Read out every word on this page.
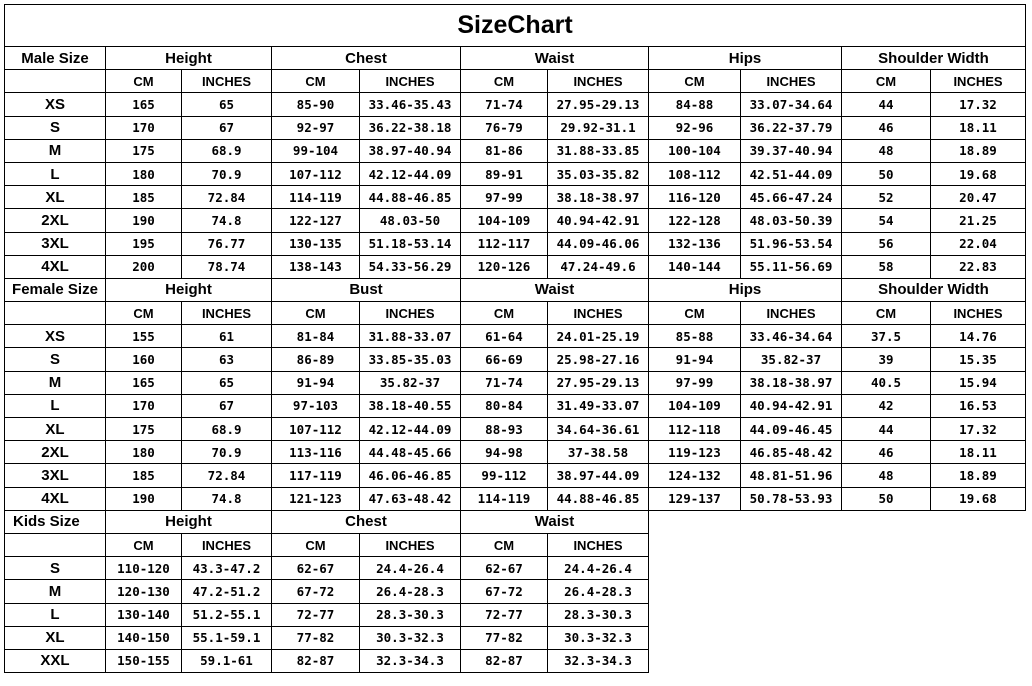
SizeChart										
Male Size	Height		Chest		Waist		Hips		Shoulder Width	
	CM	INCHES	CM	INCHES	CM	INCHES	CM	INCHES	CM	INCHES
XS	165	65	85-90	33.46-35.43	71-74	27.95-29.13	84-88	33.07-34.64	44	17.32
S	170	67	92-97	36.22-38.18	76-79	29.92-31.1	92-96	36.22-37.79	46	18.11
M	175	68.9	99-104	38.97-40.94	81-86	31.88-33.85	100-104	39.37-40.94	48	18.89
L	180	70.9	107-112	42.12-44.09	89-91	35.03-35.82	108-112	42.51-44.09	50	19.68
XL	185	72.84	114-119	44.88-46.85	97-99	38.18-38.97	116-120	45.66-47.24	52	20.47
2XL	190	74.8	122-127	48.03-50	104-109	40.94-42.91	122-128	48.03-50.39	54	21.25
3XL	195	76.77	130-135	51.18-53.14	112-117	44.09-46.06	132-136	51.96-53.54	56	22.04
4XL	200	78.74	138-143	54.33-56.29	120-126	47.24-49.6	140-144	55.11-56.69	58	22.83
Female Size	Height		Bust		Waist		Hips		Shoulder Width	
	CM	INCHES	CM	INCHES	CM	INCHES	CM	INCHES	CM	INCHES
XS	155	61	81-84	31.88-33.07	61-64	24.01-25.19	85-88	33.46-34.64	37.5	14.76
S	160	63	86-89	33.85-35.03	66-69	25.98-27.16	91-94	35.82-37	39	15.35
M	165	65	91-94	35.82-37	71-74	27.95-29.13	97-99	38.18-38.97	40.5	15.94
L	170	67	97-103	38.18-40.55	80-84	31.49-33.07	104-109	40.94-42.91	42	16.53
XL	175	68.9	107-112	42.12-44.09	88-93	34.64-36.61	112-118	44.09-46.45	44	17.32
2XL	180	70.9	113-116	44.48-45.66	94-98	37-38.58	119-123	46.85-48.42	46	18.11
3XL	185	72.84	117-119	46.06-46.85	99-112	38.97-44.09	124-132	48.81-51.96	48	18.89
4XL	190	74.8	121-123	47.63-48.42	114-119	44.88-46.85	129-137	50.78-53.93	50	19.68
Kids Size	Height		Chest		Waist					
	CM	INCHES	CM	INCHES	CM	INCHES				
S	110-120	43.3-47.2	62-67	24.4-26.4	62-67	24.4-26.4				
M	120-130	47.2-51.2	67-72	26.4-28.3	67-72	26.4-28.3				
L	130-140	51.2-55.1	72-77	28.3-30.3	72-77	28.3-30.3				
XL	140-150	55.1-59.1	77-82	30.3-32.3	77-82	30.3-32.3				
XXL	150-155	59.1-61	82-87	32.3-34.3	82-87	32.3-34.3				
